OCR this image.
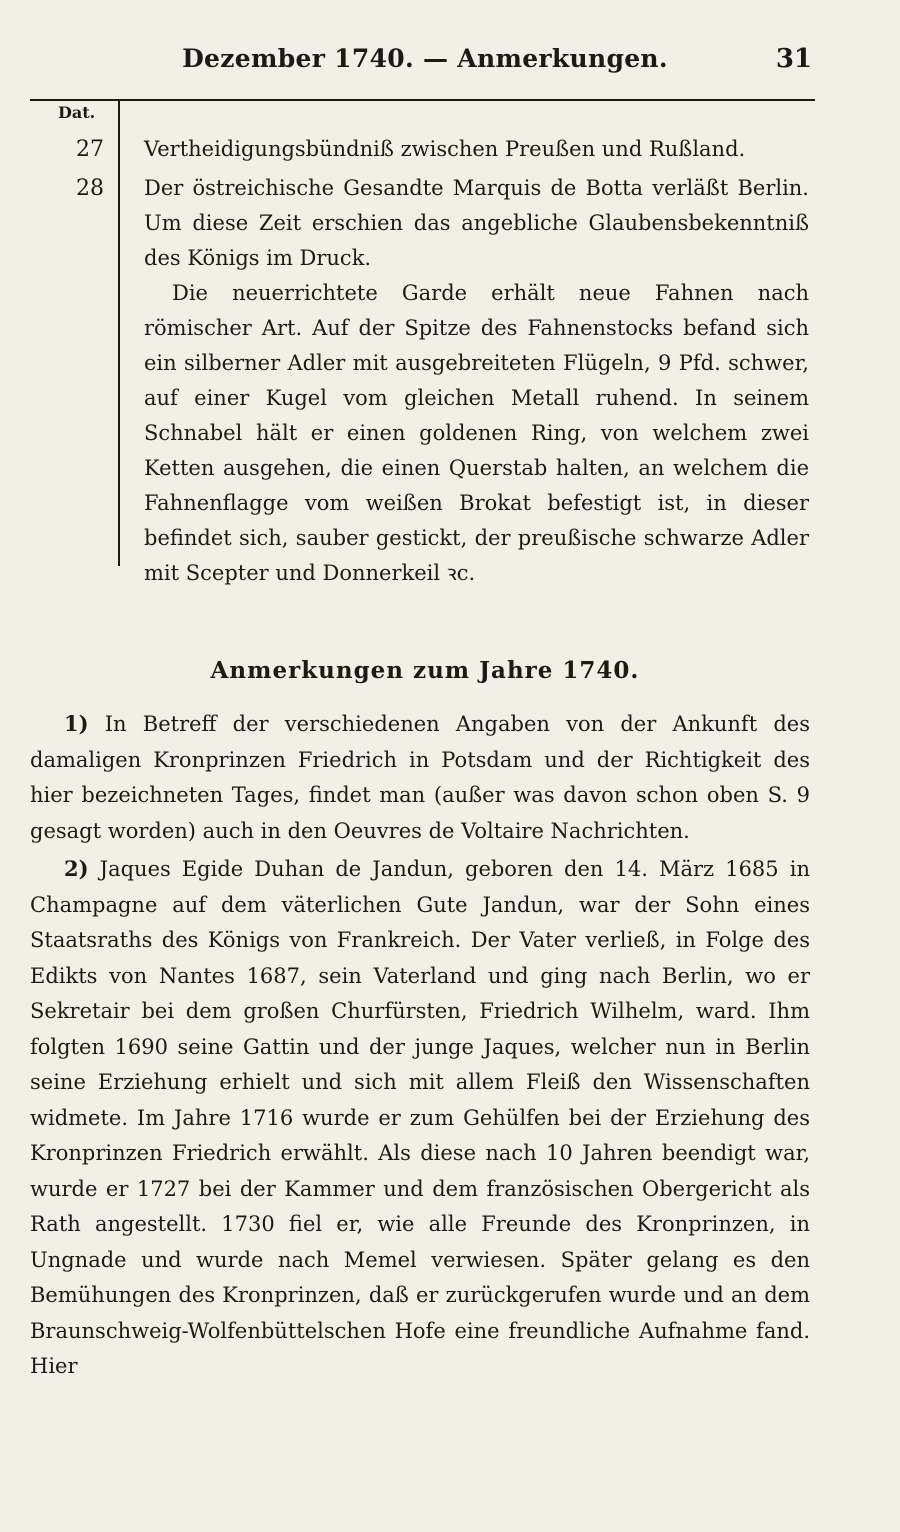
Dezember 1740. — Anmerkungen.	31
Dat.
27	Vertheidigungsbündniß zwischen Preußen und Rußland.

28	Der östreichische Gesandte Marquis de Botta verläßt Berlin. Um diese Zeit erschien das angebliche Glaubensbekenntniß des Königs im Druck.

Die neuerrichtete Garde erhält neue Fahnen nach römischer Art. Auf der Spitze des Fahnenstocks befand sich ein silberner Adler mit ausgebreiteten Flügeln, 9 Pfd. schwer, auf einer Kugel vom gleichen Metall ruhend. In seinem Schnabel hält er einen goldenen Ring, von welchem zwei Ketten ausgehen, die einen Querstab halten, an welchem die Fahnenflagge vom weißen Brokat befestigt ist, in dieser befindet sich, sauber gestickt, der preußische schwarze Adler mit Scepter und Donnerkeil ꝛc.

Anmerkungen zum Jahre 1740.

1) In Betreff der verschiedenen Angaben von der Ankunft des damaligen Kronprinzen Friedrich in Potsdam und der Richtigkeit des hier bezeichneten Tages, findet man (außer was davon schon oben S. 9 gesagt worden) auch in den Oeuvres de Voltaire Nachrichten.

2) Jaques Egide Duhan de Jandun, geboren den 14. März 1685 in Champagne auf dem väterlichen Gute Jandun, war der Sohn eines Staatsraths des Königs von Frankreich. Der Vater verließ, in Folge des Edikts von Nantes 1687, sein Vaterland und ging nach Berlin, wo er Sekretair bei dem großen Churfürsten, Friedrich Wilhelm, ward. Ihm folgten 1690 seine Gattin und der junge Jaques, welcher nun in Berlin seine Erziehung erhielt und sich mit allem Fleiß den Wissenschaften widmete. Im Jahre 1716 wurde er zum Gehülfen bei der Erziehung des Kronprinzen Friedrich erwählt. Als diese nach 10 Jahren beendigt war, wurde er 1727 bei der Kammer und dem französischen Obergericht als Rath angestellt. 1730 fiel er, wie alle Freunde des Kronprinzen, in Ungnade und wurde nach Memel verwiesen. Später gelang es den Bemühungen des Kronprinzen, daß er zurückgerufen wurde und an dem Braunschweig-Wolfenbüttelschen Hofe eine freundliche Aufnahme fand. Hier
